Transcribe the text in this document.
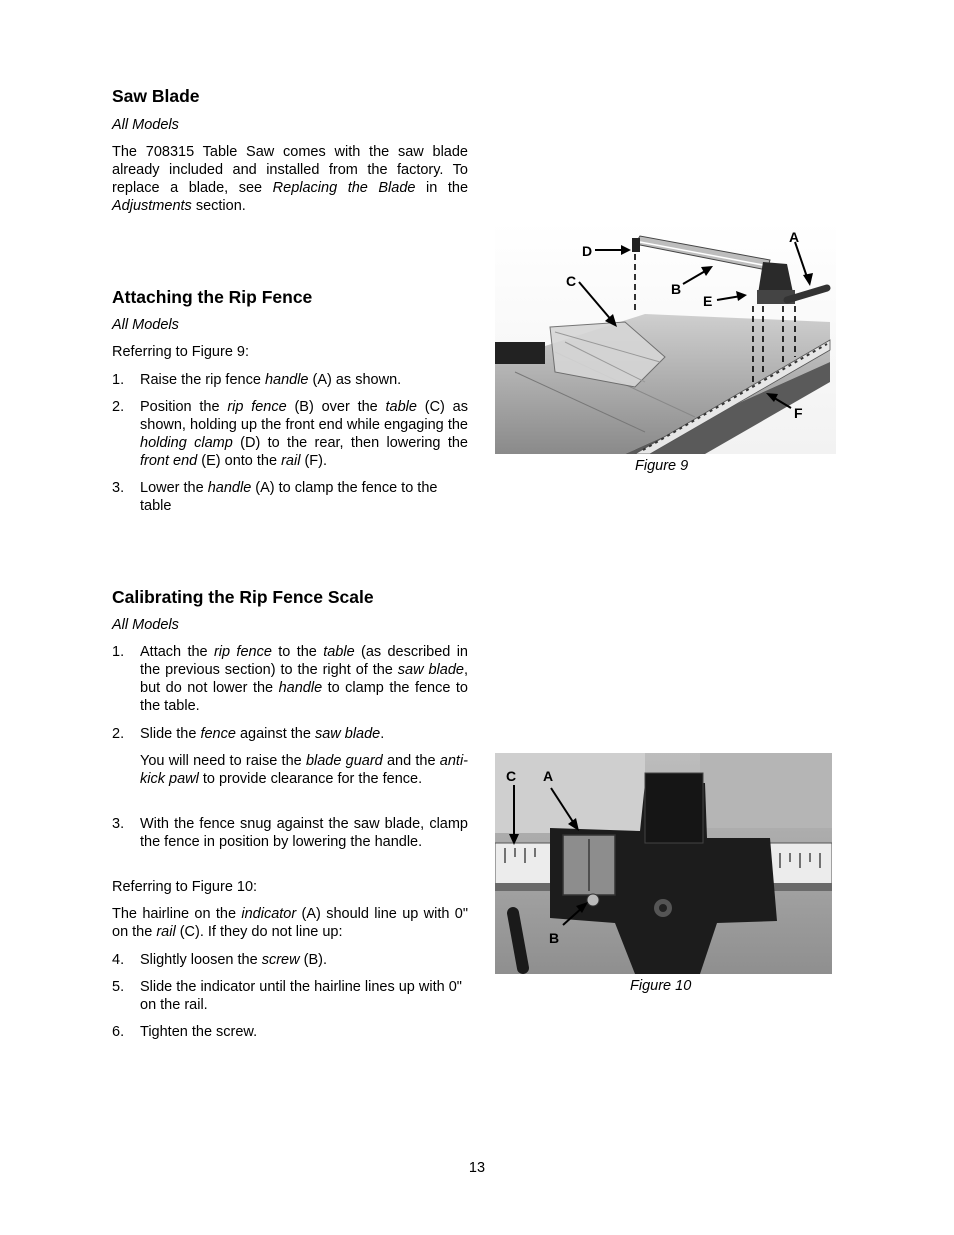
Saw Blade
All Models

The 708315 Table Saw comes with the saw blade already included and installed from the factory. To replace a blade, see Replacing the Blade in the Adjustments section.

Attaching the Rip Fence
All Models
Referring to Figure 9:
1. Raise the rip fence handle (A) as shown.
2. Position the rip fence (B) over the table (C) as shown, holding up the front end while engaging the holding clamp (D) to the rear, then lowering the front end (E) onto the rail (F).
3. Lower the handle (A) to clamp the fence to the table
Calibrating the Rip Fence Scale
All Models
1. Attach the rip fence to the table (as described in the previous section) to the right of the saw blade, but do not lower the handle to clamp the fence to the table.
2. Slide the fence against the saw blade.
You will need to raise the blade guard and the anti-kick pawl to provide clearance for the fence.
3. With the fence snug against the saw blade, clamp the fence in position by lowering the handle.
Referring to Figure 10:
The hairline on the indicator (A) should line up with 0" on the rail (C). If they do not line up:
4. Slightly loosen the screw (B).
5. Slide the indicator until the hairline lines up with 0" on the rail.
6. Tighten the screw.
D
C	B
E
A
F
Figure 9
C A
B
Figure 10
13
